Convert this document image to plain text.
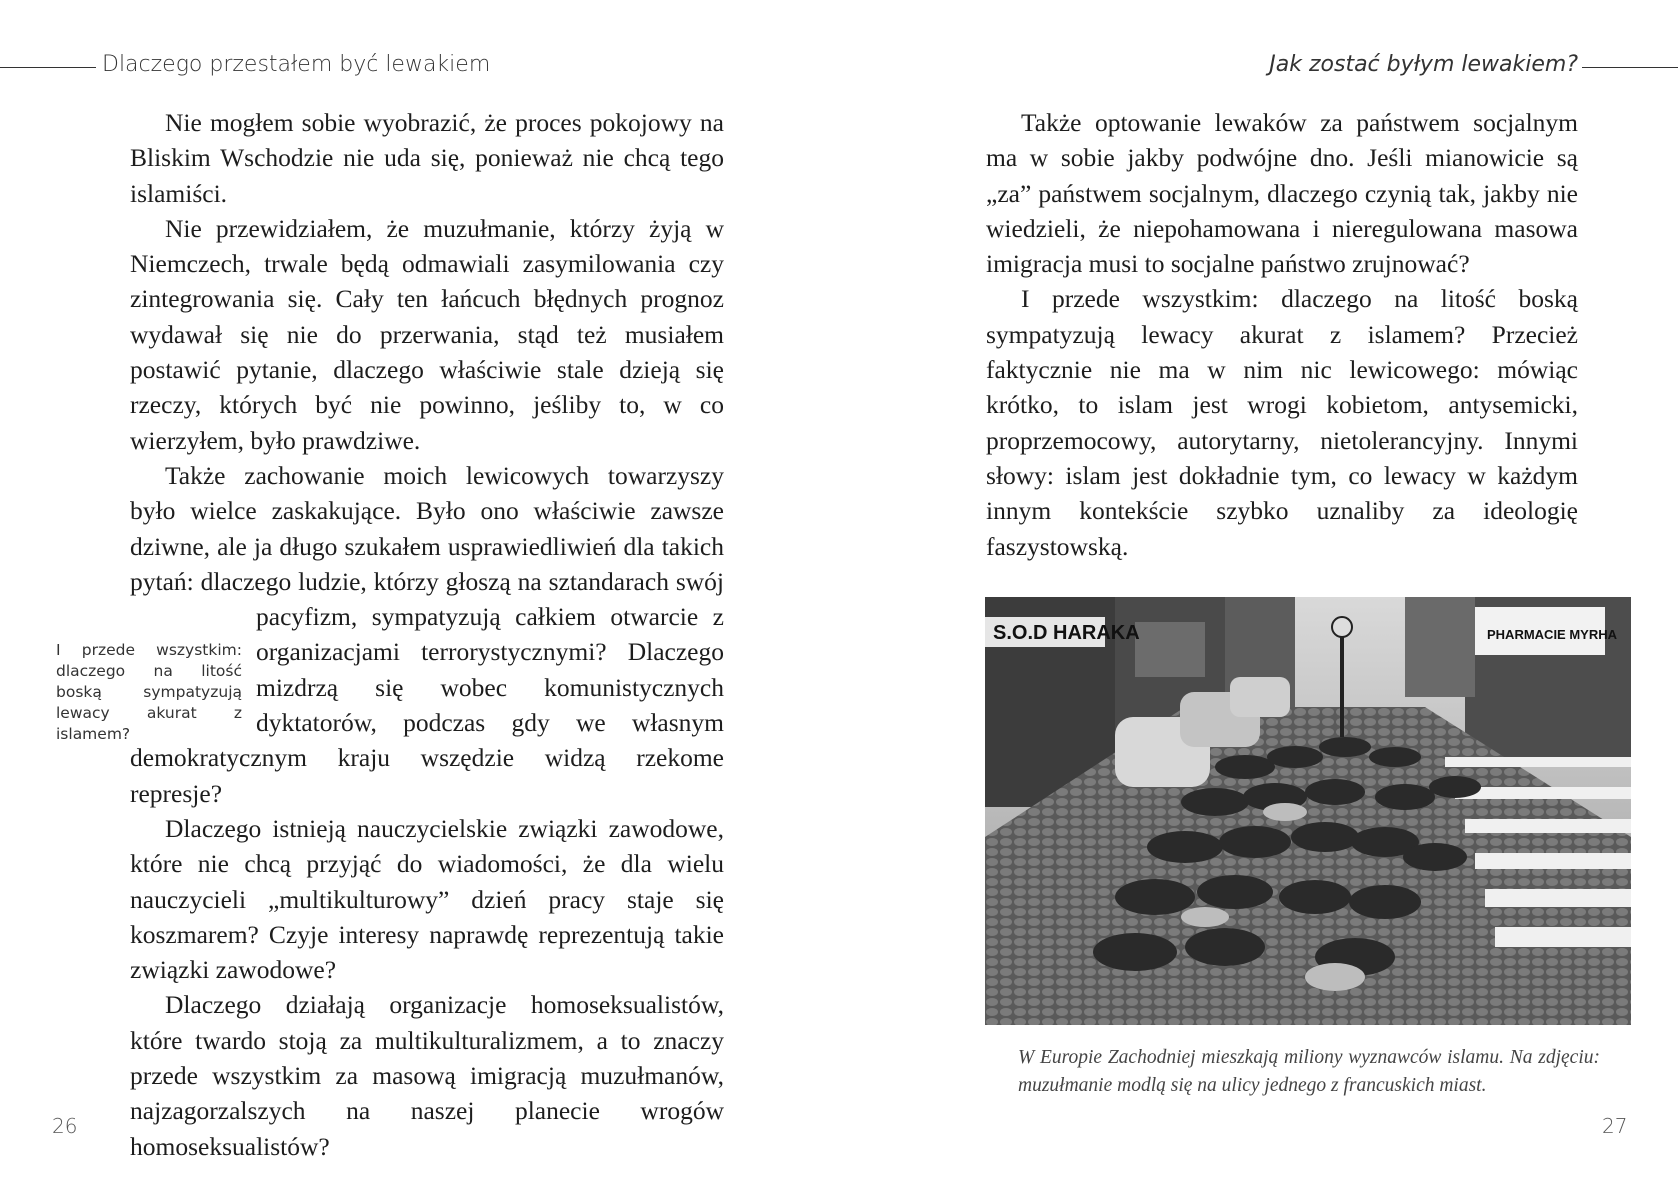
Dlaczego przestałem być lewakiem

Nie mogłem sobie wyobrazić, że proces pokojowy na Bliskim Wschodzie nie uda się, ponieważ nie chcą tego islamiści.

Nie przewidziałem, że muzułmanie, którzy żyją w Niemczech, trwale będą odmawiali zasymilowania czy zintegrowania się. Cały ten łańcuch błędnych prognoz wydawał się nie do przerwania, stąd też musiałem postawić pytanie, dlaczego właściwie stale dzieją się rzeczy, których być nie powinno, jeśliby to, w co wierzyłem, było prawdziwe.

I przede wszystkim: dlaczego na litość boską sympatyzują lewacy akurat z islamem?

Także zachowanie moich lewicowych towarzyszy było wielce zaskakujące. Było ono właściwie zawsze dziwne, ale ja długo szukałem usprawiedliwień dla takich pytań: dlaczego ludzie, którzy głoszą na sztandarach swój pacyfizm, sympatyzują całkiem otwarcie z organizacjami terrorystycznymi? Dlaczego mizdrzą się wobec komunistycznych dyktatorów, podczas gdy we własnym demokratycznym kraju wszędzie widzą rzekome represje?

Dlaczego istnieją nauczycielskie związki zawodowe, które nie chcą przyjąć do wiadomości, że dla wielu nauczycieli „multikulturowy” dzień pracy staje się koszmarem? Czyje interesy naprawdę reprezentują takie związki zawodowe?

Dlaczego działają organizacje homoseksualistów, które twardo stoją za multikulturalizmem, a to znaczy przede wszystkim za masową imigracją muzułmanów, najzagorzalszych na naszej planecie wrogów homoseksualistów?

26
Jak zostać byłym lewakiem?

Także optowanie lewaków za państwem socjalnym ma w sobie jakby podwójne dno. Jeśli mianowicie są „za” państwem socjalnym, dlaczego czynią tak, jakby nie wiedzieli, że niepohamowana i nieregulowana masowa imigracja musi to socjalne państwo zrujnować?

I przede wszystkim: dlaczego na litość boską sympatyzują lewacy akurat z islamem? Przecież faktycznie nie ma w nim nic lewicowego: mówiąc krótko, to islam jest wrogi kobietom, antysemicki, proprzemocowy, autorytarny, nietolerancyjny. Innymi słowy: islam jest dokładnie tym, co lewacy w każdym innym kontekście szybko uznaliby za ideologię faszystowską.

S.O.D HARAKA	PHARMACIE MYRHA
W Europie Zachodniej mieszkają miliony wyznawców islamu. Na zdjęciu: muzułmanie modlą się na ulicy jednego z francuskich miast.
27
